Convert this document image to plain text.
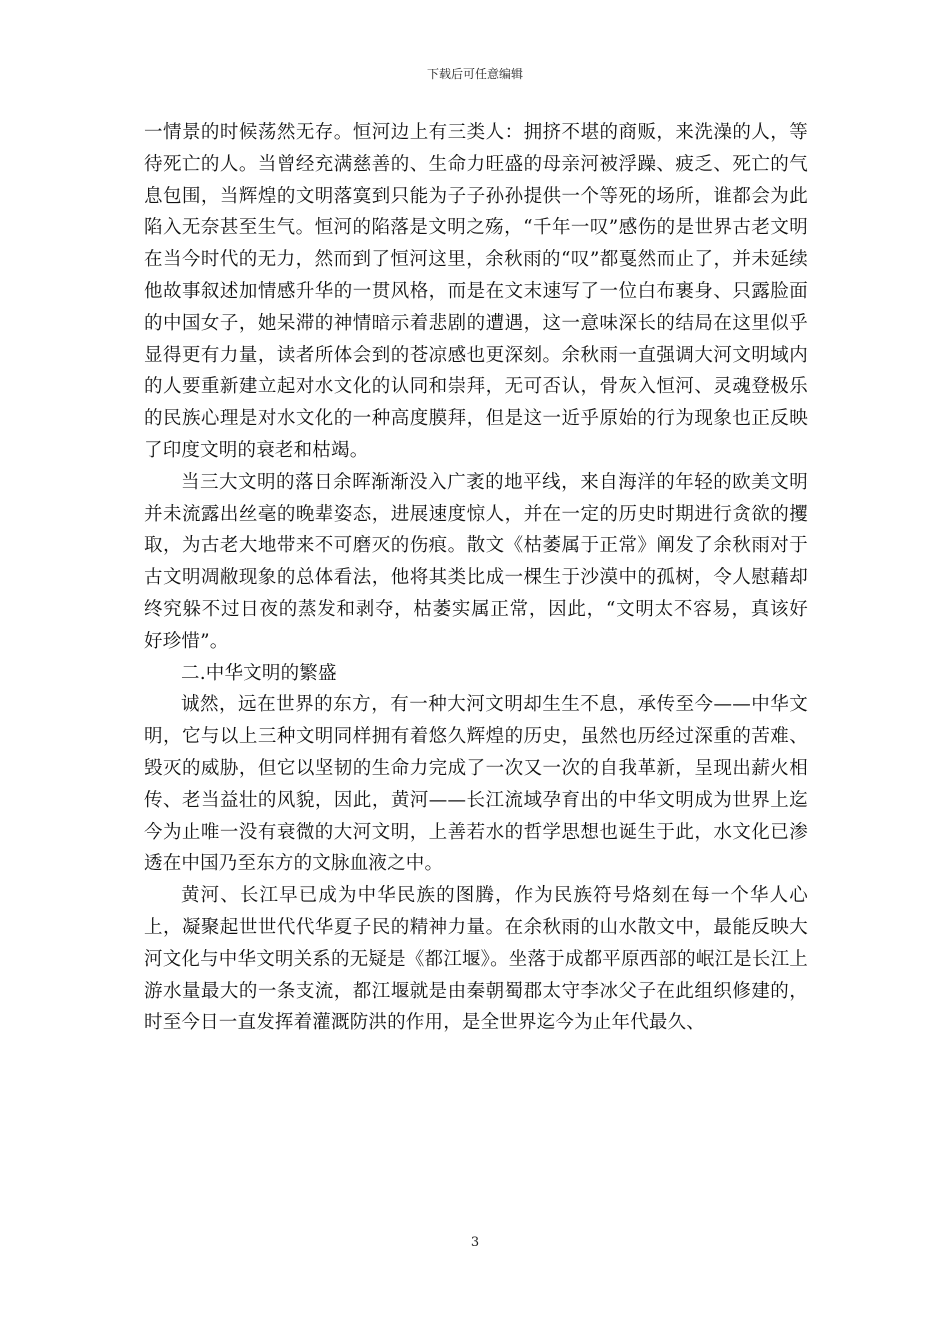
下载后可任意编辑

一情景的时候荡然无存。恒河边上有三类人：拥挤不堪的商贩，来洗澡的人，等待死亡的人。当曾经充满慈善的、生命力旺盛的母亲河被浮躁、疲乏、死亡的气息包围，当辉煌的文明落寞到只能为子子孙孙提供一个等死的场所，谁都会为此陷入无奈甚至生气。恒河的陷落是文明之殇，“千年一叹”感伤的是世界古老文明在当今时代的无力，然而到了恒河这里，余秋雨的“叹”都戛然而止了，并未延续他故事叙述加情感升华的一贯风格，而是在文末速写了一位白布裹身、只露脸面的中国女子，她呆滞的神情暗示着悲剧的遭遇，这一意味深长的结局在这里似乎显得更有力量，读者所体会到的苍凉感也更深刻。余秋雨一直强调大河文明域内的人要重新建立起对水文化的认同和崇拜，无可否认，骨灰入恒河、灵魂登极乐的民族心理是对水文化的一种高度膜拜，但是这一近乎原始的行为现象也正反映了印度文明的衰老和枯竭。

当三大文明的落日余晖渐渐没入广袤的地平线，来自海洋的年轻的欧美文明并未流露出丝毫的晚辈姿态，进展速度惊人，并在一定的历史时期进行贪欲的攫取，为古老大地带来不可磨灭的伤痕。散文《枯萎属于正常》阐发了余秋雨对于古文明凋敝现象的总体看法，他将其类比成一棵生于沙漠中的孤树，令人慰藉却终究躲不过日夜的蒸发和剥夺，枯萎实属正常，因此，“文明太不容易，真该好好珍惜”。

二.中华文明的繁盛

诚然，远在世界的东方，有一种大河文明却生生不息，承传至今——中华文明，它与以上三种文明同样拥有着悠久辉煌的历史，虽然也历经过深重的苦难、毁灭的威胁，但它以坚韧的生命力完成了一次又一次的自我革新，呈现出薪火相传、老当益壮的风貌，因此，黄河——长江流域孕育出的中华文明成为世界上迄今为止唯一没有衰微的大河文明，上善若水的哲学思想也诞生于此，水文化已渗透在中国乃至东方的文脉血液之中。

黄河、长江早已成为中华民族的图腾，作为民族符号烙刻在每一个华人心上，凝聚起世世代代华夏子民的精神力量。在余秋雨的山水散文中，最能反映大河文化与中华文明关系的无疑是《都江堰》。坐落于成都平原西部的岷江是长江上游水量最大的一条支流，都江堰就是由秦朝蜀郡太守李冰父子在此组织修建的，时至今日一直发挥着灌溉防洪的作用，是全世界迄今为止年代最久、

3
